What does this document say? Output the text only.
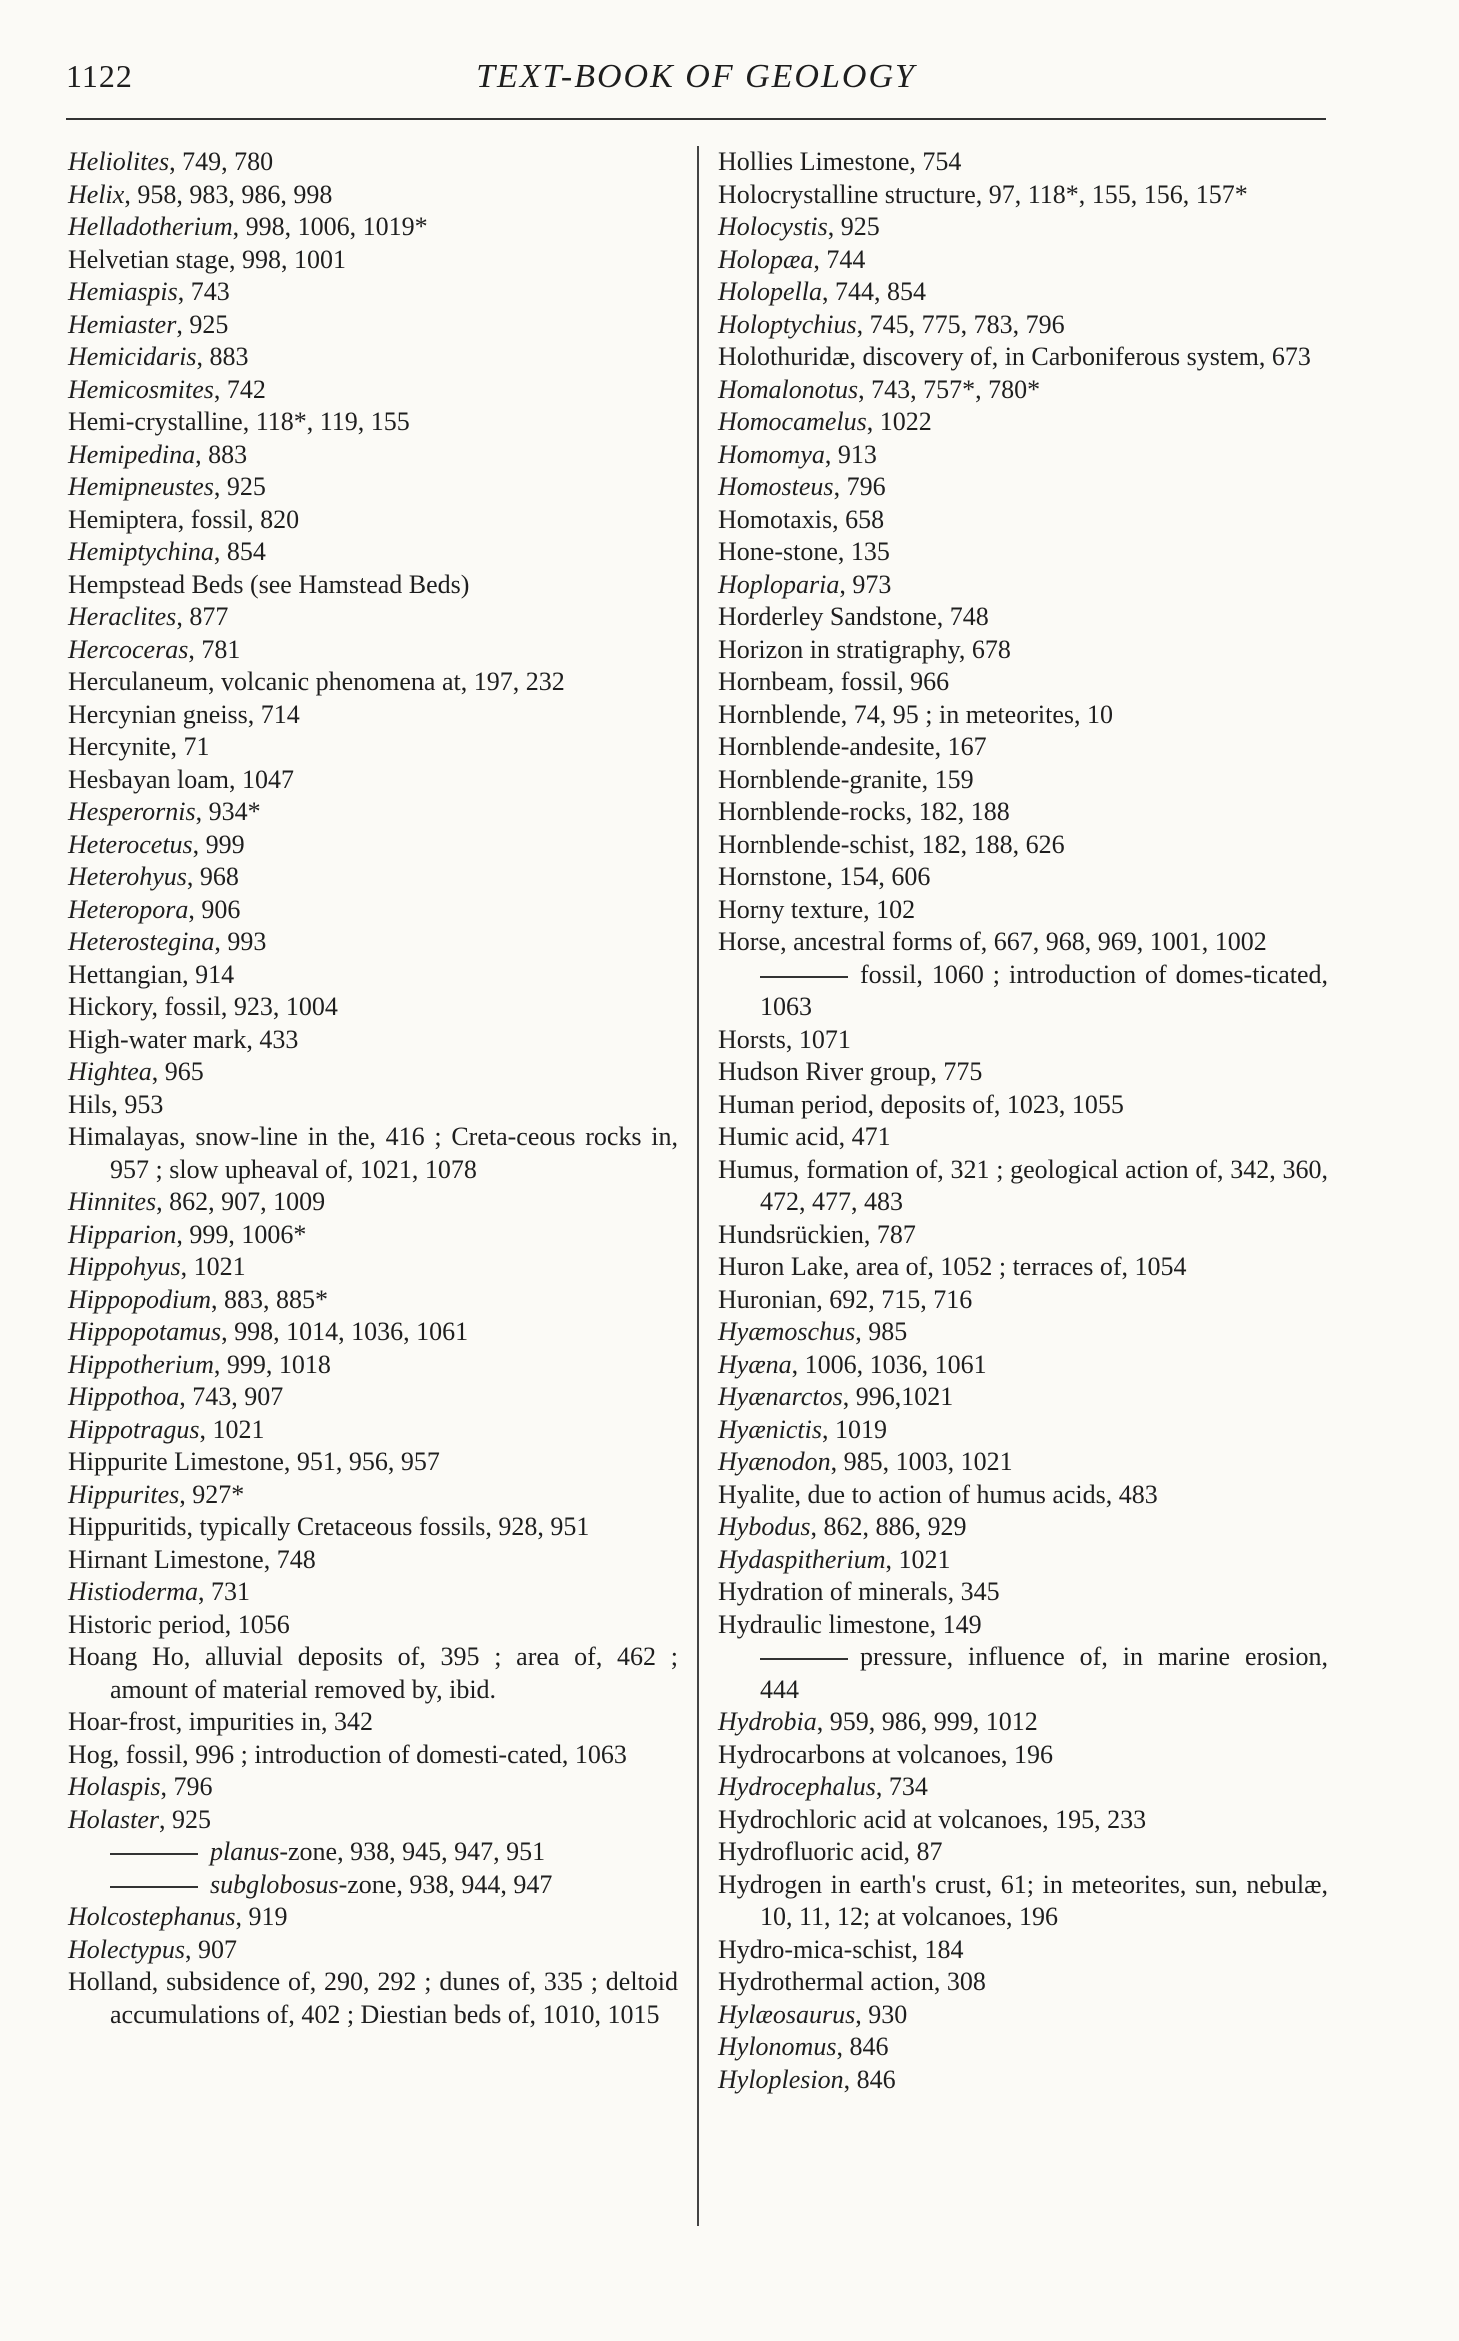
1122	TEXT-BOOK OF GEOLOGY
Heliolites, 749, 780
Helix, 958, 983, 986, 998
Helladotherium, 998, 1006, 1019*
Helvetian stage, 998, 1001
Hemiaspis, 743
Hemiaster, 925
Hemicidaris, 883
Hemicosmites, 742
Hemi-crystalline, 118*, 119, 155
Hemipedina, 883
Hemipneustes, 925
Hemiptera, fossil, 820
Hemiptychina, 854
Hempstead Beds (see Hamstead Beds)
Heraclites, 877
Hercoceras, 781
Herculaneum, volcanic phenomena at, 197, 232
Hercynian gneiss, 714
Hercynite, 71
Hesbayan loam, 1047
Hesperornis, 934*
Heterocetus, 999
Heterohyus, 968
Heteropora, 906
Heterostegina, 993
Hettangian, 914
Hickory, fossil, 923, 1004
High-water mark, 433
Highteа, 965
Hils, 953
Himalayas, snow-line in the, 416 ; Creta-ceous rocks in, 957 ; slow upheaval of, 1021, 1078
Hinnites, 862, 907, 1009
Hipparion, 999, 1006*
Hippohyus, 1021
Hippopodium, 883, 885*
Hippopotamus, 998, 1014, 1036, 1061
Hippotherium, 999, 1018
Hippothoa, 743, 907
Hippotragus, 1021
Hippurite Limestone, 951, 956, 957
Hippurites, 927*
Hippuritids, typically Cretaceous fossils, 928, 951
Hirnant Limestone, 748
Histioderma, 731
Historic period, 1056
Hoang Ho, alluvial deposits of, 395 ; area of, 462 ; amount of material removed by, ibid.
Hoar-frost, impurities in, 342
Hog, fossil, 996 ; introduction of domesti-cated, 1063
Holaspis, 796
Holaster, 925
planus-zone, 938, 945, 947, 951
subglobosus-zone, 938, 944, 947
Holcostephanus, 919
Holectypus, 907
Holland, subsidence of, 290, 292 ; dunes of, 335 ; deltoid accumulations of, 402 ; Diestian beds of, 1010, 1015
Hollies Limestone, 754
Holocrystalline structure, 97, 118*, 155, 156, 157*
Holocystis, 925
Holopæa, 744
Holopella, 744, 854
Holoptychius, 745, 775, 783, 796
Holothuridæ, discovery of, in Carboniferous system, 673
Homalonotus, 743, 757*, 780*
Homocamelus, 1022
Homomya, 913
Homosteus, 796
Homotaxis, 658
Hone-stone, 135
Hoploparia, 973
Horderley Sandstone, 748
Horizon in stratigraphy, 678
Hornbeam, fossil, 966
Hornblende, 74, 95 ; in meteorites, 10
Hornblende-andesite, 167
Hornblende-granite, 159
Hornblende-rocks, 182, 188
Hornblende-schist, 182, 188, 626
Hornstone, 154, 606
Horny texture, 102
Horse, ancestral forms of, 667, 968, 969, 1001, 1002
fossil, 1060 ; introduction of domes-ticated, 1063
Horsts, 1071
Hudson River group, 775
Human period, deposits of, 1023, 1055
Humic acid, 471
Humus, formation of, 321 ; geological action of, 342, 360, 472, 477, 483
Hundsrückien, 787
Huron Lake, area of, 1052 ; terraces of, 1054
Huronian, 692, 715, 716
Hyæmoschus, 985
Hyæna, 1006, 1036, 1061
Hyænarctos, 996,1021
Hyænictis, 1019
Hyænodon, 985, 1003, 1021
Hyalite, due to action of humus acids, 483
Hybodus, 862, 886, 929
Hydaspitherium, 1021
Hydration of minerals, 345
Hydraulic limestone, 149
pressure, influence of, in marine erosion, 444
Hydrobia, 959, 986, 999, 1012
Hydrocarbons at volcanoes, 196
Hydrocephalus, 734
Hydrochloric acid at volcanoes, 195, 233
Hydrofluoric acid, 87
Hydrogen in earth's crust, 61; in meteorites, sun, nebulæ, 10, 11, 12; at volcanoes, 196
Hydro-mica-schist, 184
Hydrothermal action, 308
Hylæosaurus, 930
Hylonomus, 846
Hyloplesion, 846
